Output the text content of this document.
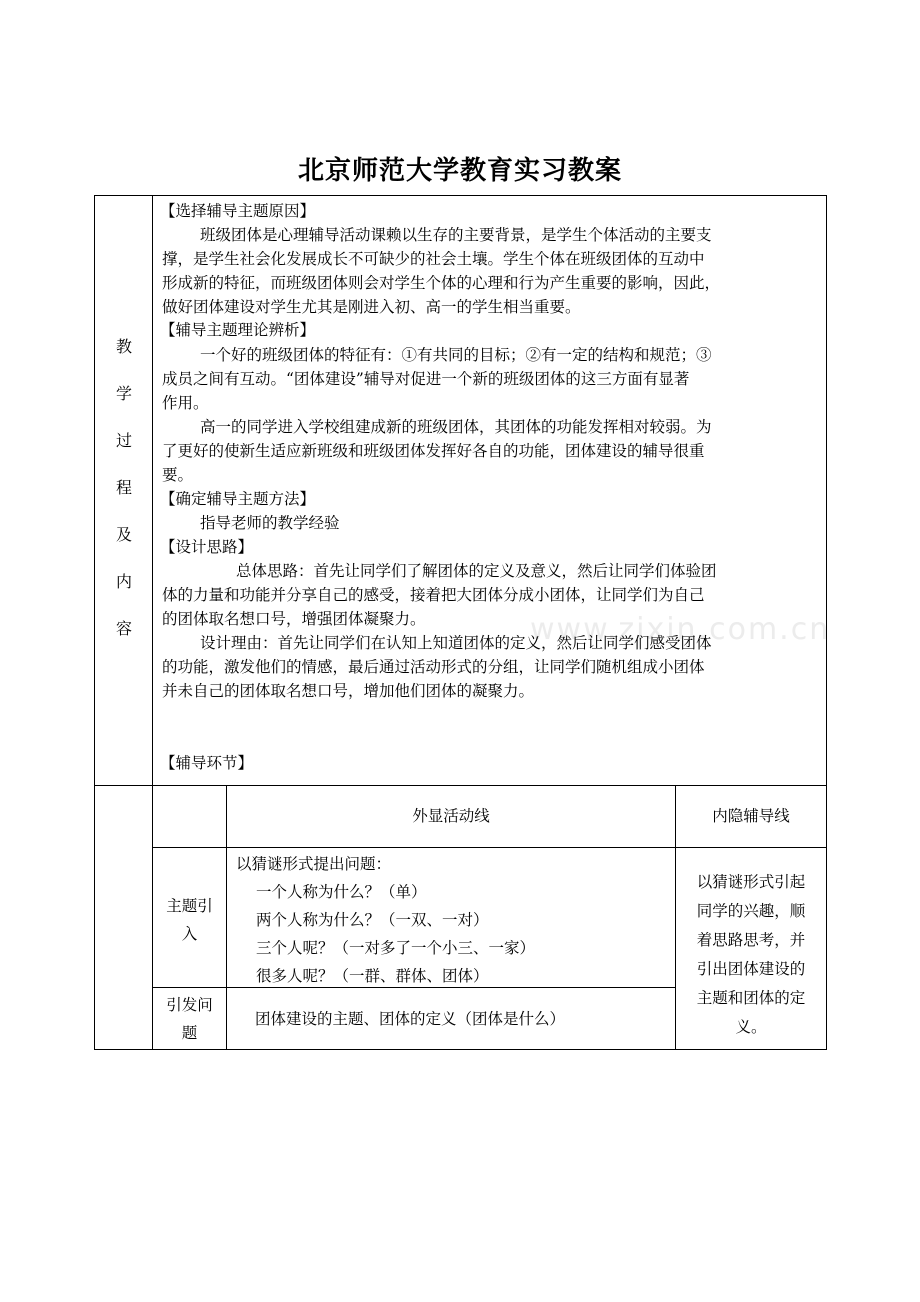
北京师范大学教育实习教案
教
学
过
程
及
内
容	www.zixin.com.cn
【选择辅导主题原因】
班级团体是心理辅导活动课赖以生存的主要背景，是学生个体活动的主要支
撑，是学生社会化发展成长不可缺少的社会土壤。学生个体在班级团体的互动中
形成新的特征，而班级团体则会对学生个体的心理和行为产生重要的影响，因此，
做好团体建设对学生尤其是刚进入初、高一的学生相当重要。
【辅导主题理论辨析】
一个好的班级团体的特征有：①有共同的目标；②有一定的结构和规范；③
成员之间有互动。“团体建设”辅导对促进一个新的班级团体的这三方面有显著
作用。
高一的同学进入学校组建成新的班级团体，其团体的功能发挥相对较弱。为
了更好的使新生适应新班级和班级团体发挥好各自的功能，团体建设的辅导很重
要。
【确定辅导主题方法】
指导老师的教学经验
【设计思路】
总体思路：首先让同学们了解团体的定义及意义，然后让同学们体验团
体的力量和功能并分享自己的感受，接着把大团体分成小团体，让同学们为自己
的团体取名想口号，增强团体凝聚力。
设计理由：首先让同学们在认知上知道团体的定义，然后让同学们感受团体
的功能，激发他们的情感，最后通过活动形式的分组，让同学们随机组成小团体
并未自己的团体取名想口号，增加他们团体的凝聚力。
【辅导环节】
外显活动线	内隐辅导线
主题引
入
以猜谜形式提出问题：
一个人称为什么？（单）
两个人称为什么？（一双、一对）
三个人呢？（一对多了一个小三、一家）
很多人呢？（一群、群体、团体）
引发问
题
团体建设的主题、团体的定义（团体是什么）
以猜谜形式引起
同学的兴趣，顺
着思路思考，并
引出团体建设的
主题和团体的定
义。
